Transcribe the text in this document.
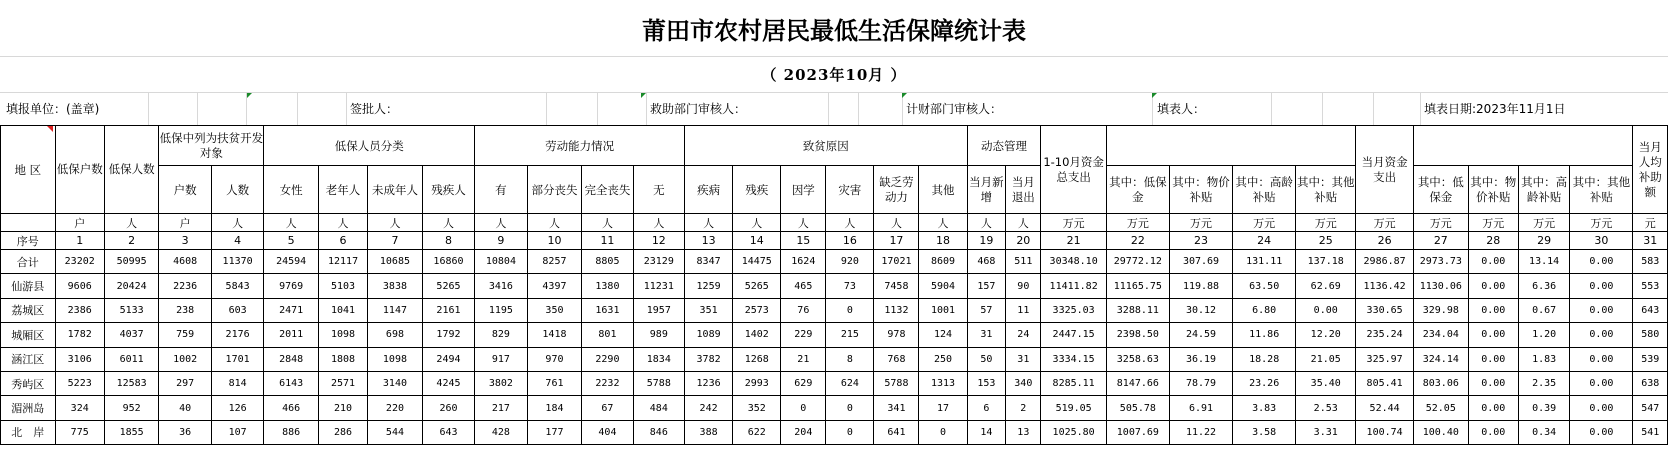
莆田市农村居民最低生活保障统计表
（ 2023年10月 ）
填报单位：(盖章)	签批人：	救助部门审核人：	计财部门审核人：	填表人：	填表日期:2023年11月1日
地 区	低保户数	低保人数	低保中列为扶贫开发对象		低保人员分类				劳动能力情况				致贫原因						动态管理		1-10月资金总支出					当月资金支出					当月人均补助额
			户数	人数	女性	老年人	未成年人	残疾人	有	部分丧失	完全丧失	无	疾病	残疾	因学	灾害	缺乏劳动力	其他	当月新增	当月退出		其中：低保金	其中：物价补贴	其中：高龄补贴	其中：其他补贴		其中：低保金	其中：物价补贴	其中：高龄补贴	其中：其他补贴	
	户	人	户	人	人	人	人	人	人	人	人	人	人	人	人	人	人	人	人	人	万元	万元	万元	万元	万元	万元	万元	万元	万元	万元	元
序号	1	2	3	4	5	6	7	8	9	10	11	12	13	14	15	16	17	18	19	20	21	22	23	24	25	26	27	28	29	30	31
合计	23202	50995	4608	11370	24594	12117	10685	16860	10804	8257	8805	23129	8347	14475	1624	920	17021	8609	468	511	30348.10	29772.12	307.69	131.11	137.18	2986.87	2973.73	0.00	13.14	0.00	583
仙游县	9606	20424	2236	5843	9769	5103	3838	5265	3416	4397	1380	11231	1259	5265	465	73	7458	5904	157	90	11411.82	11165.75	119.88	63.50	62.69	1136.42	1130.06	0.00	6.36	0.00	553
荔城区	2386	5133	238	603	2471	1041	1147	2161	1195	350	1631	1957	351	2573	76	0	1132	1001	57	11	3325.03	3288.11	30.12	6.80	0.00	330.65	329.98	0.00	0.67	0.00	643
城厢区	1782	4037	759	2176	2011	1098	698	1792	829	1418	801	989	1089	1402	229	215	978	124	31	24	2447.15	2398.50	24.59	11.86	12.20	235.24	234.04	0.00	1.20	0.00	580
涵江区	3106	6011	1002	1701	2848	1808	1098	2494	917	970	2290	1834	3782	1268	21	8	768	250	50	31	3334.15	3258.63	36.19	18.28	21.05	325.97	324.14	0.00	1.83	0.00	539
秀屿区	5223	12583	297	814	6143	2571	3140	4245	3802	761	2232	5788	1236	2993	629	624	5788	1313	153	340	8285.11	8147.66	78.79	23.26	35.40	805.41	803.06	0.00	2.35	0.00	638
湄洲岛	324	952	40	126	466	210	220	260	217	184	67	484	242	352	0	0	341	17	6	2	519.05	505.78	6.91	3.83	2.53	52.44	52.05	0.00	0.39	0.00	547
北　岸	775	1855	36	107	886	286	544	643	428	177	404	846	388	622	204	0	641	0	14	13	1025.80	1007.69	11.22	3.58	3.31	100.74	100.40	0.00	0.34	0.00	541
